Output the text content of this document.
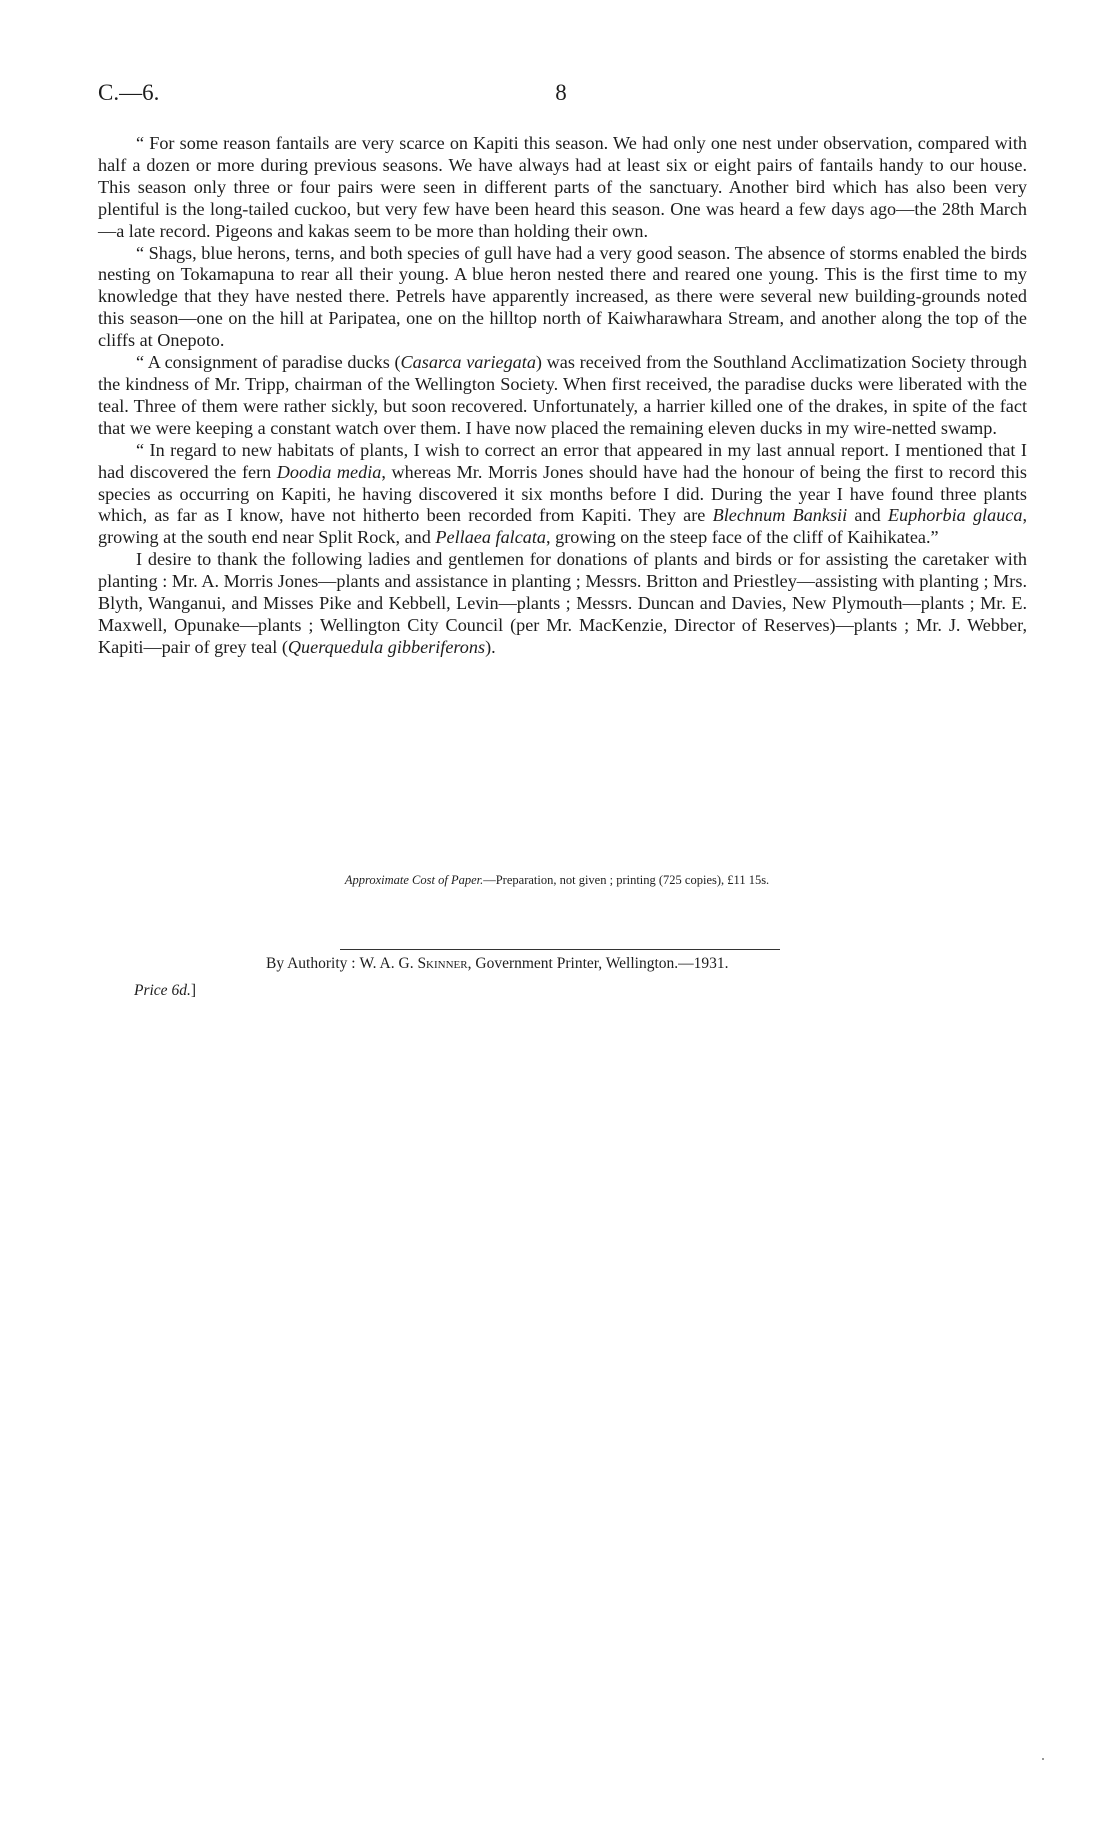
C.—6.	8

“ For some reason fantails are very scarce on Kapiti this season. We had only one nest under observation, compared with half a dozen or more during previous seasons. We have always had at least six or eight pairs of fantails handy to our house. This season only three or four pairs were seen in different parts of the sanctuary. Another bird which has also been very plentiful is the long-tailed cuckoo, but very few have been heard this season. One was heard a few days ago—the 28th March—a late record. Pigeons and kakas seem to be more than holding their own.

“ Shags, blue herons, terns, and both species of gull have had a very good season. The absence of storms enabled the birds nesting on Tokamapuna to rear all their young. A blue heron nested there and reared one young. This is the first time to my knowledge that they have nested there. Petrels have apparently increased, as there were several new building-grounds noted this season—one on the hill at Paripatea, one on the hilltop north of Kaiwharawhara Stream, and another along the top of the cliffs at Onepoto.

“ A consignment of paradise ducks (Casarca variegata) was received from the Southland Acclimatization Society through the kindness of Mr. Tripp, chairman of the Wellington Society. When first received, the paradise ducks were liberated with the teal. Three of them were rather sickly, but soon recovered. Unfortunately, a harrier killed one of the drakes, in spite of the fact that we were keeping a constant watch over them. I have now placed the remaining eleven ducks in my wire-netted swamp.

“ In regard to new habitats of plants, I wish to correct an error that appeared in my last annual report. I mentioned that I had discovered the fern Doodia media, whereas Mr. Morris Jones should have had the honour of being the first to record this species as occurring on Kapiti, he having discovered it six months before I did. During the year I have found three plants which, as far as I know, have not hitherto been recorded from Kapiti. They are Blechnum Banksii and Euphorbia glauca, growing at the south end near Split Rock, and Pellaea falcata, growing on the steep face of the cliff of Kaihikatea.”

I desire to thank the following ladies and gentlemen for donations of plants and birds or for assisting the caretaker with planting : Mr. A. Morris Jones—plants and assistance in planting ; Messrs. Britton and Priestley—assisting with planting ; Mrs. Blyth, Wanganui, and Misses Pike and Kebbell, Levin—plants ; Messrs. Duncan and Davies, New Plymouth—plants ; Mr. E. Maxwell, Opunake—plants ; Wellington City Council (per Mr. MacKenzie, Director of Reserves)—plants ; Mr. J. Webber, Kapiti—pair of grey teal (Querquedula gibberiferons).

Approximate Cost of Paper.—Preparation, not given ; printing (725 copies), £11 15s.
By Authority : W. A. G. Skinner, Government Printer, Wellington.—1931.
Price 6d.]
